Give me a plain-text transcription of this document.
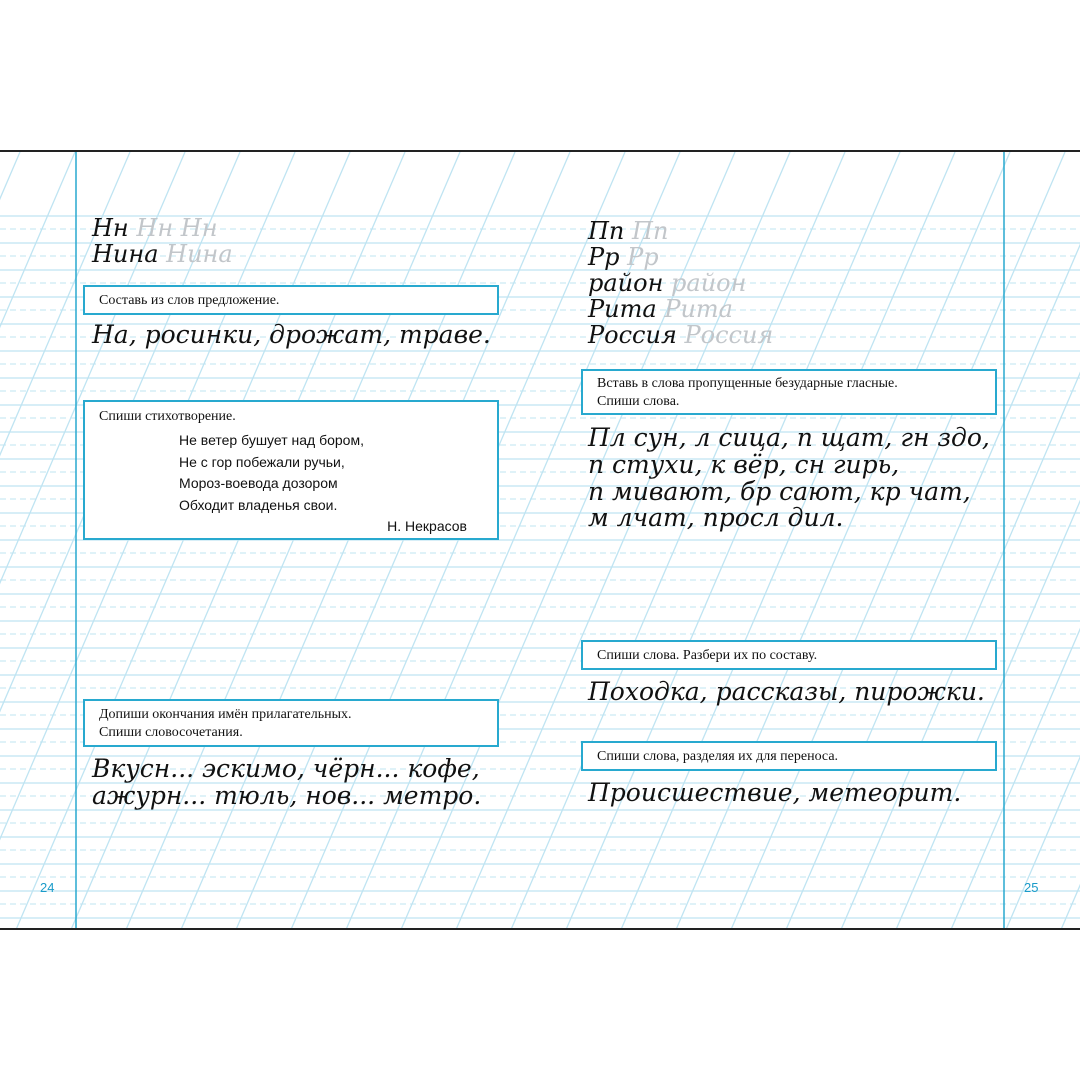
24	25
Нн Нн Нн
Нина Нина
Составь из слов предложение.
На, росинки, дрожат, траве.
Спиши стихотворение.
Не ветер бушует над бором,
Не с гор побежали ручьи,
Мороз-воевода дозором
Обходит владенья свои.
Н. Некрасов
Допиши окончания имён прилагательных.
Спиши словосочетания.
Вкусн... эскимо, чёрн... кофе,
ажурн... тюль, нов... метро.
Пп Пп
Рр Рр
район район
Рита Рита
Россия Россия
Вставь в слова пропущенные безударные гласные.
Спиши слова.
Пл сун, л сица, п щат, гн здо,
п стухи, к вёр, сн гирь,
п мивают, бр сают, кр чат,
м лчат, просл дил.
Спиши слова. Разбери их по составу.
Походка, рассказы, пирожки.
Спиши слова, разделяя их для переноса.
Происшествие, метеорит.
